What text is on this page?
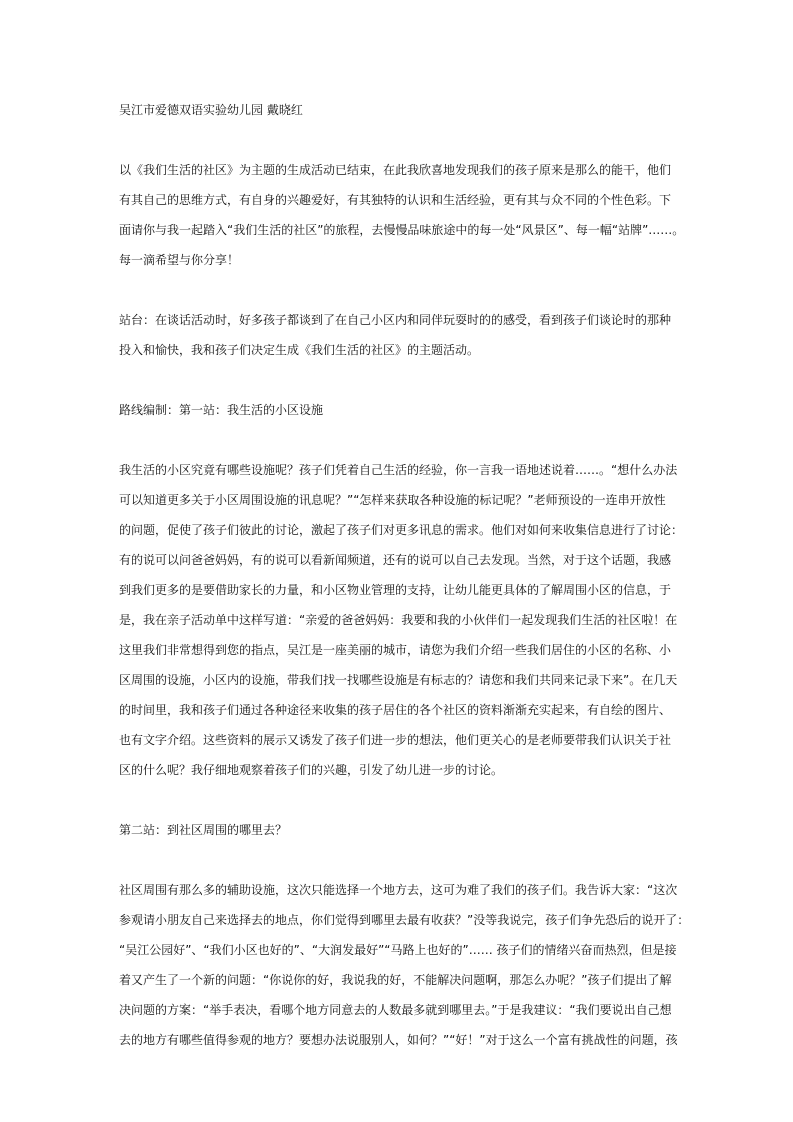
吴江市爱德双语实验幼儿园 戴晓红

以《我们生活的社区》为主题的生成活动已结束，在此我欣喜地发现我们的孩子原来是那么的能干，他们

有其自己的思维方式，有自身的兴趣爱好，有其独特的认识和生活经验，更有其与众不同的个性色彩。下

面请你与我一起踏入“我们生活的社区”的旅程，去慢慢品味旅途中的每一处“风景区”、每一幅“站牌”……。

每一滴希望与你分享！

站台：在谈话活动时，好多孩子都谈到了在自己小区内和同伴玩耍时的的感受，看到孩子们谈论时的那种

投入和愉快，我和孩子们决定生成《我们生活的社区》的主题活动。

路线编制：第一站：我生活的小区设施

我生活的小区究竟有哪些设施呢？孩子们凭着自己生活的经验，你一言我一语地述说着……。“想什么办法

可以知道更多关于小区周围设施的讯息呢？”“怎样来获取各种设施的标记呢？”老师预设的一连串开放性

的问题，促使了孩子们彼此的讨论，激起了孩子们对更多讯息的需求。他们对如何来收集信息进行了讨论：

有的说可以问爸爸妈妈，有的说可以看新闻频道，还有的说可以自己去发现。当然，对于这个话题，我感

到我们更多的是要借助家长的力量，和小区物业管理的支持，让幼儿能更具体的了解周围小区的信息，于

是，我在亲子活动单中这样写道：“亲爱的爸爸妈妈：我要和我的小伙伴们一起发现我们生活的社区啦！在

这里我们非常想得到您的指点，吴江是一座美丽的城市，请您为我们介绍一些我们居住的小区的名称、小

区周围的设施，小区内的设施，带我们找一找哪些设施是有标志的？请您和我们共同来记录下来”。在几天

的时间里，我和孩子们通过各种途径来收集的孩子居住的各个社区的资料渐渐充实起来，有自绘的图片、

也有文字介绍。这些资料的展示又诱发了孩子们进一步的想法，他们更关心的是老师要带我们认识关于社

区的什么呢？我仔细地观察着孩子们的兴趣，引发了幼儿进一步的讨论。

第二站：到社区周围的哪里去？

社区周围有那么多的辅助设施，这次只能选择一个地方去，这可为难了我们的孩子们。我告诉大家：“这次

参观请小朋友自己来选择去的地点，你们觉得到哪里去最有收获？”没等我说完，孩子们争先恐后的说开了：

“吴江公园好”、“我们小区也好的”、“大润发最好”“马路上也好的”…… 孩子们的情绪兴奋而热烈，但是接

着又产生了一个新的问题：“你说你的好，我说我的好，不能解决问题啊，那怎么办呢？”孩子们提出了解

决问题的方案：“举手表决，看哪个地方同意去的人数最多就到哪里去。”于是我建议：“我们要说出自己想

去的地方有哪些值得参观的地方？要想办法说服别人，如何？”“好！”对于这么一个富有挑战性的问题，孩
